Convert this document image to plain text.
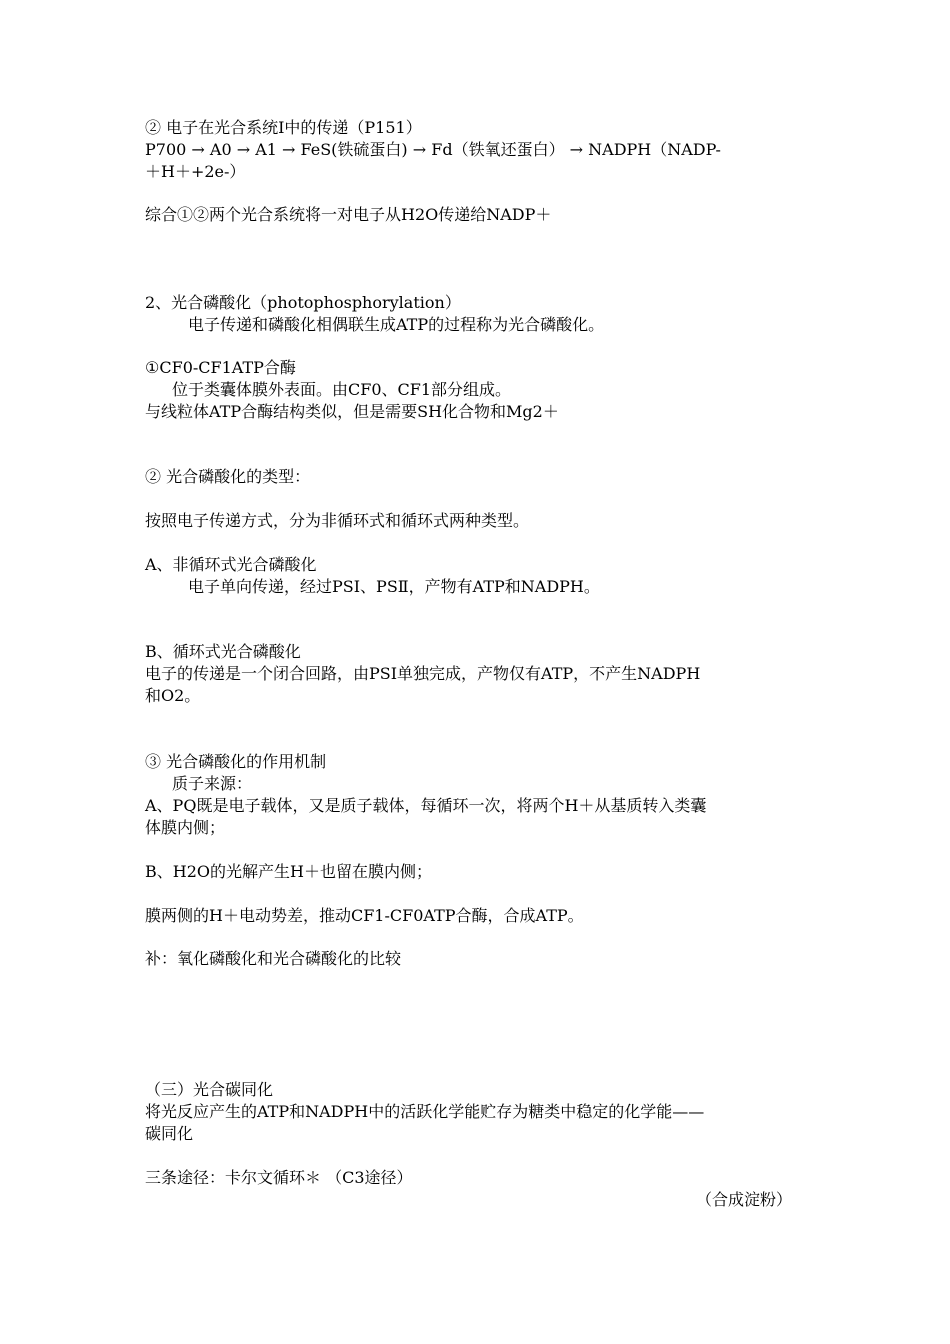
② 电子在光合系统Ⅰ中的传递（P151）
P700 → A0 → A1 → FeS(铁硫蛋白) → Fd（铁氧还蛋白） → NADPH（NADP-
＋H＋+2e-）
综合①②两个光合系统将一对电子从H2O传递给NADP＋
2、光合磷酸化（photophosphorylation）
电子传递和磷酸化相偶联生成ATP的过程称为光合磷酸化。
①CF0-CF1ATP合酶
位于类囊体膜外表面。由CF0、CF1部分组成。
与线粒体ATP合酶结构类似，但是需要SH化合物和Mg2＋
② 光合磷酸化的类型：
按照电子传递方式，分为非循环式和循环式两种类型。
A、非循环式光合磷酸化
电子单向传递，经过PSⅠ、PSⅡ，产物有ATP和NADPH。
B、循环式光合磷酸化
电子的传递是一个闭合回路，由PSⅠ单独完成，产物仅有ATP，不产生NADPH
和O2。
③ 光合磷酸化的作用机制
质子来源：
A、PQ既是电子载体，又是质子载体，每循环一次，将两个H＋从基质转入类囊
体膜内侧；
B、H2O的光解产生H＋也留在膜内侧；
膜两侧的H＋电动势差，推动CF1-CF0ATP合酶，合成ATP。
补：氧化磷酸化和光合磷酸化的比较
（三）光合碳同化
将光反应产生的ATP和NADPH中的活跃化学能贮存为糖类中稳定的化学能——
碳同化
三条途径：卡尔文循环＊ （C3途径）
（合成淀粉）
